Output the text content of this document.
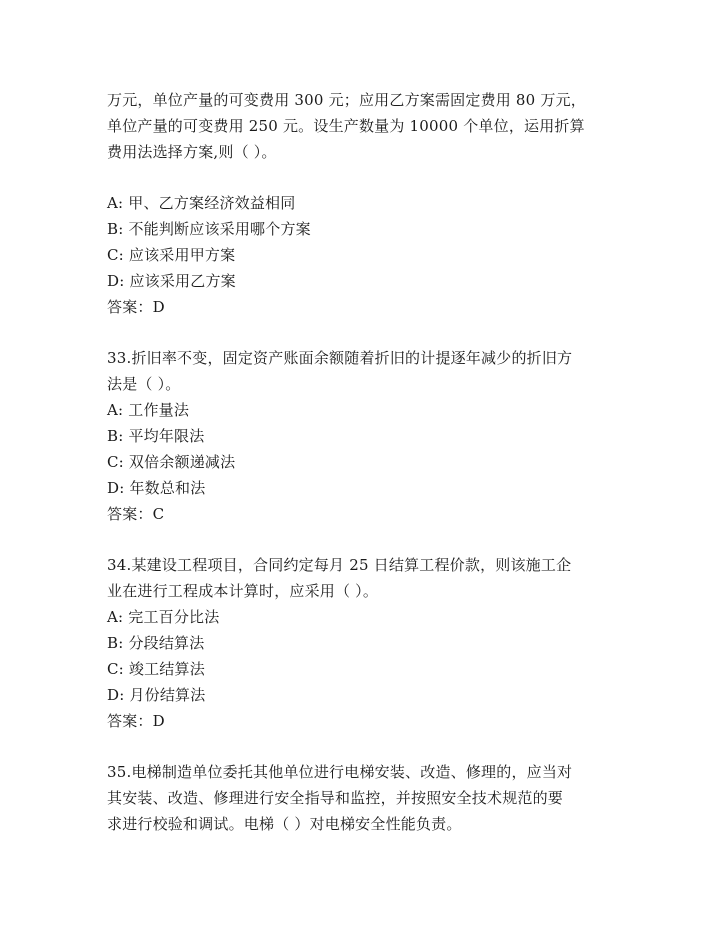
万元，单位产量的可变费用 300 元；应用乙方案需固定费用 80 万元，
单位产量的可变费用 250 元。设生产数量为 10000 个单位，运用折算
费用法选择方案,则（ ）。
A: 甲、乙方案经济效益相同
B: 不能判断应该采用哪个方案
C: 应该采用甲方案
D: 应该采用乙方案
答案：D
33.折旧率不变，固定资产账面余额随着折旧的计提逐年减少的折旧方
法是（ ）。
A: 工作量法
B: 平均年限法
C: 双倍余额递减法
D: 年数总和法
答案：C
34.某建设工程项目，合同约定每月 25 日结算工程价款，则该施工企
业在进行工程成本计算时，应采用（ ）。
A: 完工百分比法
B: 分段结算法
C: 竣工结算法
D: 月份结算法
答案：D
35.电梯制造单位委托其他单位进行电梯安装、改造、修理的，应当对
其安装、改造、修理进行安全指导和监控，并按照安全技术规范的要
求进行校验和调试。电梯（ ）对电梯安全性能负责。
